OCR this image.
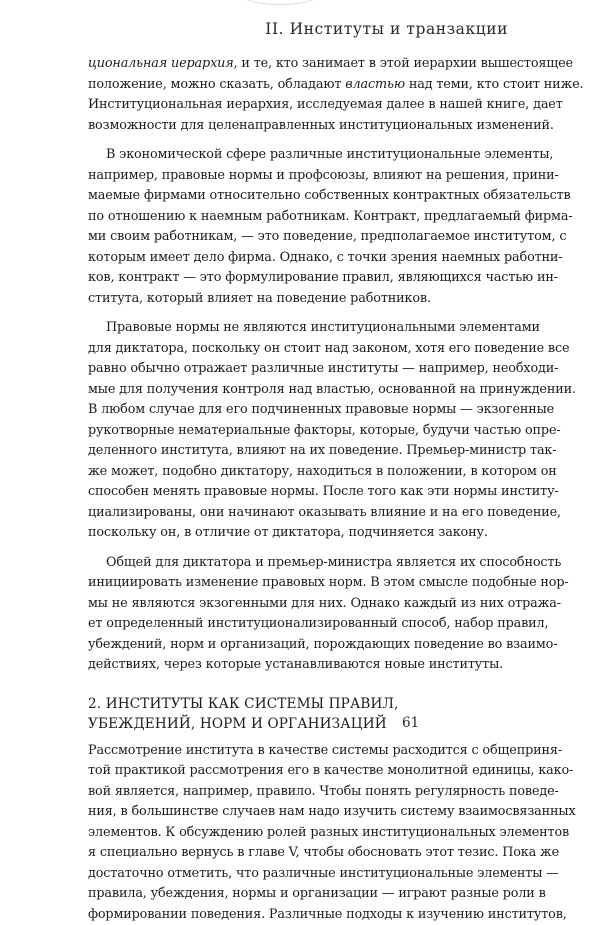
II. Институты и транзакции
циональная иерархия, и те, кто занимает в этой иерархии вышестоящее
положение, можно сказать, обладают властью над теми, кто стоит ниже.
Институциональная иерархия, исследуемая далее в нашей книге, дает
возможности для целенаправленных институциональных изменений.
В экономической сфере различные институциональные элементы,
например, правовые нормы и профсоюзы, влияют на решения, прини-
маемые фирмами относительно собственных контрактных обязательств
по отношению к наемным работникам. Контракт, предлагаемый фирма-
ми своим работникам, — это поведение, предполагаемое институтом, с
которым имеет дело фирма. Однако, с точки зрения наемных работни-
ков, контракт — это формулирование правил, являющихся частью ин-
ститута, который влияет на поведение работников.
Правовые нормы не являются институциональными элементами
для диктатора, поскольку он стоит над законом, хотя его поведение все
равно обычно отражает различные институты — например, необходи-
мые для получения контроля над властью, основанной на принуждении.
В любом случае для его подчиненных правовые нормы — экзогенные
рукотворные нематериальные факторы, которые, будучи частью опре-
деленного института, влияют на их поведение. Премьер-министр так-
же может, подобно диктатору, находиться в положении, в котором он
способен менять правовые нормы. После того как эти нормы институ-
циализированы, они начинают оказывать влияние и на его поведение,
поскольку он, в отличие от диктатора, подчиняется закону.
Общей для диктатора и премьер-министра является их способность
инициировать изменение правовых норм. В этом смысле подобные нор-
мы не являются экзогенными для них. Однако каждый из них отража-
ет определенный институционализированный способ, набор правил,
убеждений, норм и организаций, порождающих поведение во взаимо-
действиях, через которые устанавливаются новые институты.
2. ИНСТИТУТЫ КАК СИСТЕМЫ ПРАВИЛ,
УБЕЖДЕНИЙ, НОРМ И ОРГАНИЗАЦИЙ
Рассмотрение института в качестве системы расходится с общеприня-
той практикой рассмотрения его в качестве монолитной единицы, како-
вой является, например, правило. Чтобы понять регулярность поведе-
ния, в большинстве случаев нам надо изучить систему взаимосвязанных
элементов. К обсуждению ролей разных институциональных элементов
я специально вернусь в главе V, чтобы обосновать этот тезис. Пока же
достаточно отметить, что различные институциональные элементы —
правила, убеждения, нормы и организации — играют разные роли в
формировании поведения. Различные подходы к изучению институтов,
61
